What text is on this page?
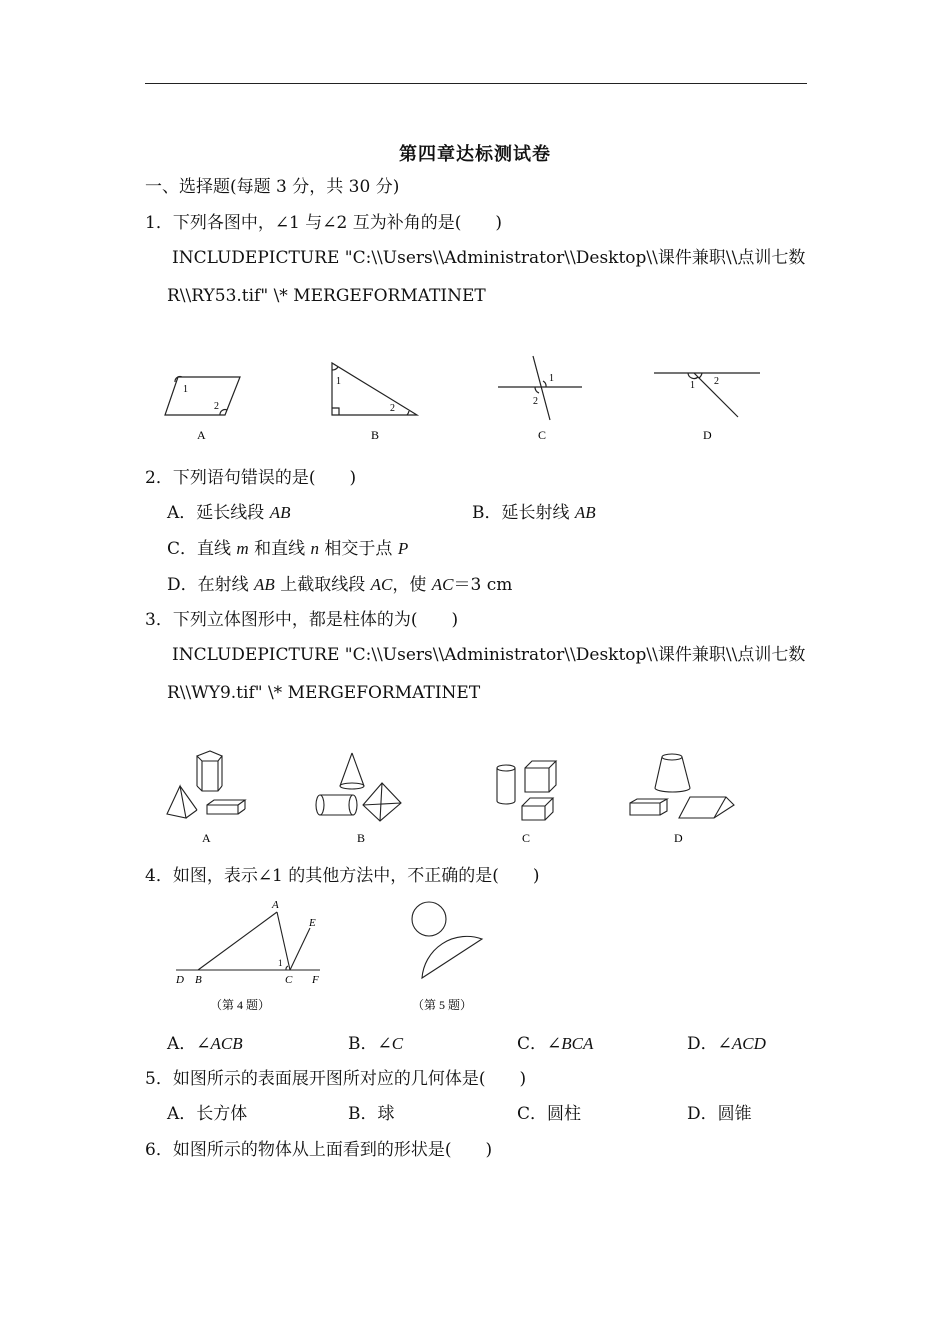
第四章达标测试卷
一、选择题(每题 3 分，共 30 分)
1．下列各图中，∠1 与∠2 互为补角的是(　　)
INCLUDEPICTURE "C:\\Users\\Administrator\\Desktop\\课件兼职\\点训七数
R\\RY53.tif" \* MERGEFORMATINET
1
2
A
1
2
B
1
2
C
1 2
D
2．下列语句错误的是(　　)
A．延长线段 AB	B．延长射线 AB
C．直线 m 和直线 n 相交于点 P
D．在射线 AB 上截取线段 AC，使 AC＝3 cm
3．下列立体图形中，都是柱体的为(　　)
INCLUDEPICTURE "C:\\Users\\Administrator\\Desktop\\课件兼职\\点训七数
R\\WY9.tif" \* MERGEFORMATINET
A	B	C	D
4．如图，表示∠1 的其他方法中，不正确的是(　　)
A
E
D B	C F
1
（第 4 题）	（第 5 题）
A．∠ACB	B．∠C	C．∠BCA	D．∠ACD
5．如图所示的表面展开图所对应的几何体是(　　)
A．长方体	B．球	C．圆柱	D．圆锥
6．如图所示的物体从上面看到的形状是(　　)
